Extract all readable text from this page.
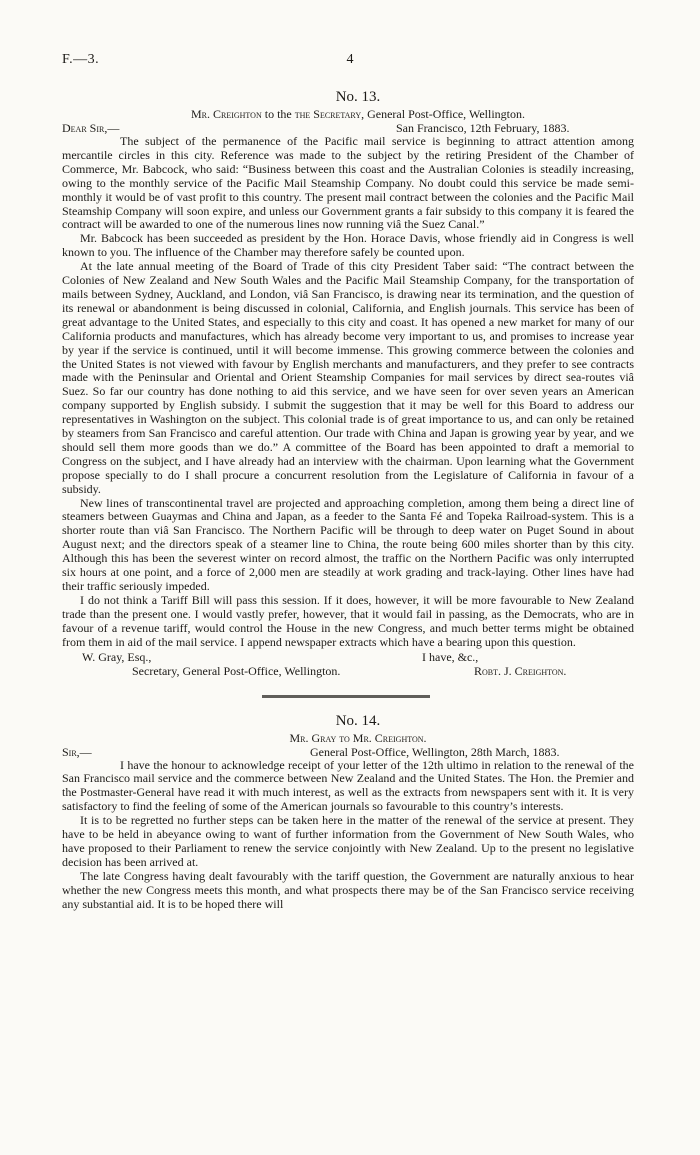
F.—3.	4
No. 13.
Mr. Creighton to the the Secretary, General Post-Office, Wellington.
Dear Sir,—	San Francisco, 12th February, 1883.

The subject of the permanence of the Pacific mail service is beginning to attract attention among mercantile circles in this city. Reference was made to the subject by the retiring President of the Chamber of Commerce, Mr. Babcock, who said: “Business between this coast and the Australian Colonies is steadily increasing, owing to the monthly service of the Pacific Mail Steamship Company. No doubt could this service be made semi-monthly it would be of vast profit to this country. The present mail contract between the colonies and the Pacific Mail Steamship Company will soon expire, and unless our Government grants a fair subsidy to this company it is feared the contract will be awarded to one of the numerous lines now running viâ the Suez Canal.”

Mr. Babcock has been succeeded as president by the Hon. Horace Davis, whose friendly aid in Congress is well known to you. The influence of the Chamber may therefore safely be counted upon.

At the late annual meeting of the Board of Trade of this city President Taber said: “The contract between the Colonies of New Zealand and New South Wales and the Pacific Mail Steamship Company, for the transportation of mails between Sydney, Auckland, and London, viâ San Francisco, is drawing near its termination, and the question of its renewal or abandonment is being discussed in colonial, California, and English journals. This service has been of great advantage to the United States, and especially to this city and coast. It has opened a new market for many of our California products and manufactures, which has already become very important to us, and promises to increase year by year if the service is continued, until it will become immense. This growing commerce between the colonies and the United States is not viewed with favour by English merchants and manufacturers, and they prefer to see contracts made with the Peninsular and Oriental and Orient Steamship Companies for mail services by direct sea-routes viâ Suez. So far our country has done nothing to aid this service, and we have seen for over seven years an American company supported by English subsidy. I submit the suggestion that it may be well for this Board to address our representatives in Washington on the subject. This colonial trade is of great importance to us, and can only be retained by steamers from San Francisco and careful attention. Our trade with China and Japan is growing year by year, and we should sell them more goods than we do.” A committee of the Board has been appointed to draft a memorial to Congress on the subject, and I have already had an interview with the chairman. Upon learning what the Government propose specially to do I shall procure a concurrent resolution from the Legislature of California in favour of a subsidy.

New lines of transcontinental travel are projected and approaching completion, among them being a direct line of steamers between Guaymas and China and Japan, as a feeder to the Santa Fé and Topeka Railroad-system. This is a shorter route than viâ San Francisco. The Northern Pacific will be through to deep water on Puget Sound in about August next; and the directors speak of a steamer line to China, the route being 600 miles shorter than by this city. Although this has been the severest winter on record almost, the traffic on the Northern Pacific was only interrupted six hours at one point, and a force of 2,000 men are steadily at work grading and track-laying. Other lines have had their traffic seriously impeded.

I do not think a Tariff Bill will pass this session. If it does, however, it will be more favourable to New Zealand trade than the present one. I would vastly prefer, however, that it would fail in passing, as the Democrats, who are in favour of a revenue tariff, would control the House in the new Congress, and much better terms might be obtained from them in aid of the mail service. I append newspaper extracts which have a bearing upon this question.

W. Gray, Esq.,	I have, &c.,
Secretary, General Post-Office, Wellington.	Robt. J. Creighton.
No. 14.
Mr. Gray to Mr. Creighton.
Sir,—	General Post-Office, Wellington, 28th March, 1883.

I have the honour to acknowledge receipt of your letter of the 12th ultimo in relation to the renewal of the San Francisco mail service and the commerce between New Zealand and the United States. The Hon. the Premier and the Postmaster-General have read it with much interest, as well as the extracts from newspapers sent with it. It is very satisfactory to find the feeling of some of the American journals so favourable to this country’s interests.

It is to be regretted no further steps can be taken here in the matter of the renewal of the service at present. They have to be held in abeyance owing to want of further information from the Government of New South Wales, who have proposed to their Parliament to renew the service conjointly with New Zealand. Up to the present no legislative decision has been arrived at.

The late Congress having dealt favourably with the tariff question, the Government are naturally anxious to hear whether the new Congress meets this month, and what prospects there may be of the San Francisco service receiving any substantial aid. It is to be hoped there will
